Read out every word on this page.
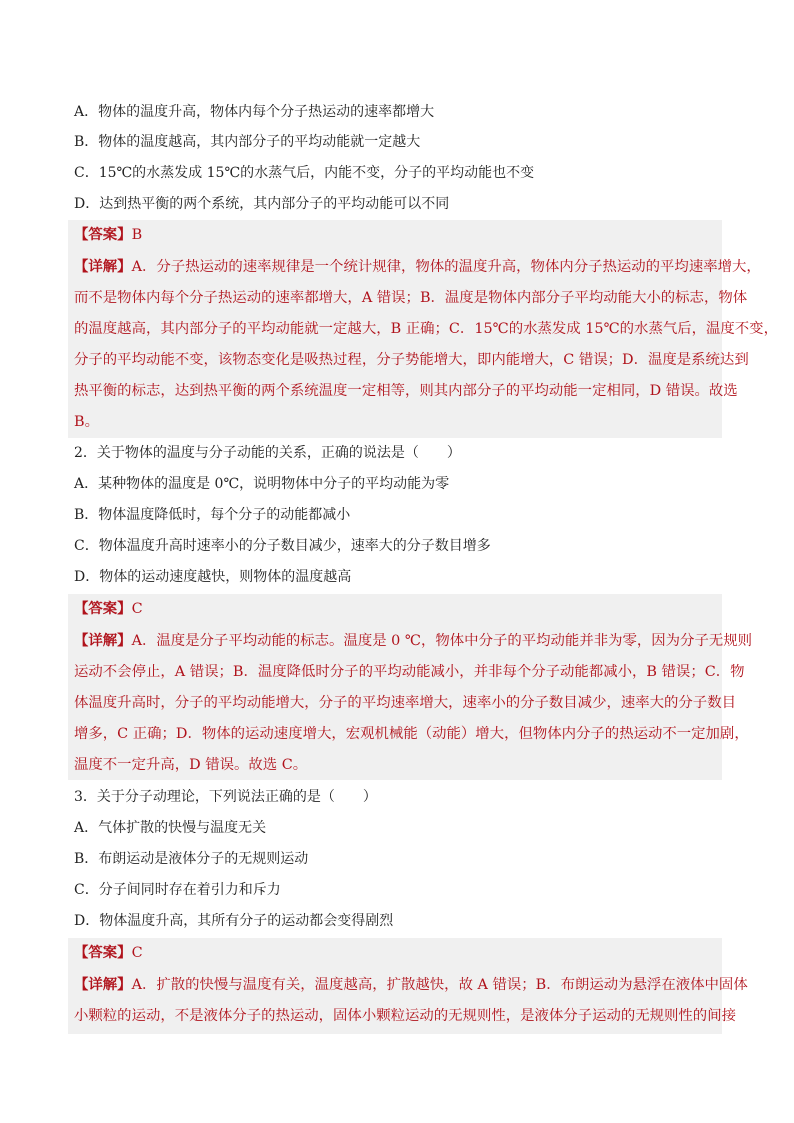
A．物体的温度升高，物体内每个分子热运动的速率都增大
B．物体的温度越高，其内部分子的平均动能就一定越大
C．15℃的水蒸发成 15℃的水蒸气后，内能不变，分子的平均动能也不变
D．达到热平衡的两个系统，其内部分子的平均动能可以不同
【答案】B
【详解】A．分子热运动的速率规律是一个统计规律，物体的温度升高，物体内分子热运动的平均速率增大，
而不是物体内每个分子热运动的速率都增大，A 错误；B．温度是物体内部分子平均动能大小的标志，物体
的温度越高，其内部分子的平均动能就一定越大，B 正确；C．15℃的水蒸发成 15℃的水蒸气后，温度不变，
分子的平均动能不变，该物态变化是吸热过程，分子势能增大，即内能增大，C 错误；D．温度是系统达到
热平衡的标志，达到热平衡的两个系统温度一定相等，则其内部分子的平均动能一定相同，D 错误。故选
B。
2．关于物体的温度与分子动能的关系，正确的说法是（　　）
A．某种物体的温度是 0℃，说明物体中分子的平均动能为零
B．物体温度降低时，每个分子的动能都减小
C．物体温度升高时速率小的分子数目减少，速率大的分子数目增多
D．物体的运动速度越快，则物体的温度越高
【答案】C
【详解】A．温度是分子平均动能的标志。温度是 0 ℃，物体中分子的平均动能并非为零，因为分子无规则
运动不会停止，A 错误；B．温度降低时分子的平均动能减小，并非每个分子动能都减小，B 错误；C．物
体温度升高时，分子的平均动能增大，分子的平均速率增大，速率小的分子数目减少，速率大的分子数目
增多，C 正确；D．物体的运动速度增大，宏观机械能（动能）增大，但物体内分子的热运动不一定加剧，
温度不一定升高，D 错误。故选 C。
3．关于分子动理论，下列说法正确的是（　　）
A．气体扩散的快慢与温度无关
B．布朗运动是液体分子的无规则运动
C．分子间同时存在着引力和斥力
D．物体温度升高，其所有分子的运动都会变得剧烈
【答案】C
【详解】A．扩散的快慢与温度有关，温度越高，扩散越快，故 A 错误；B．布朗运动为悬浮在液体中固体
小颗粒的运动，不是液体分子的热运动，固体小颗粒运动的无规则性，是液体分子运动的无规则性的间接
